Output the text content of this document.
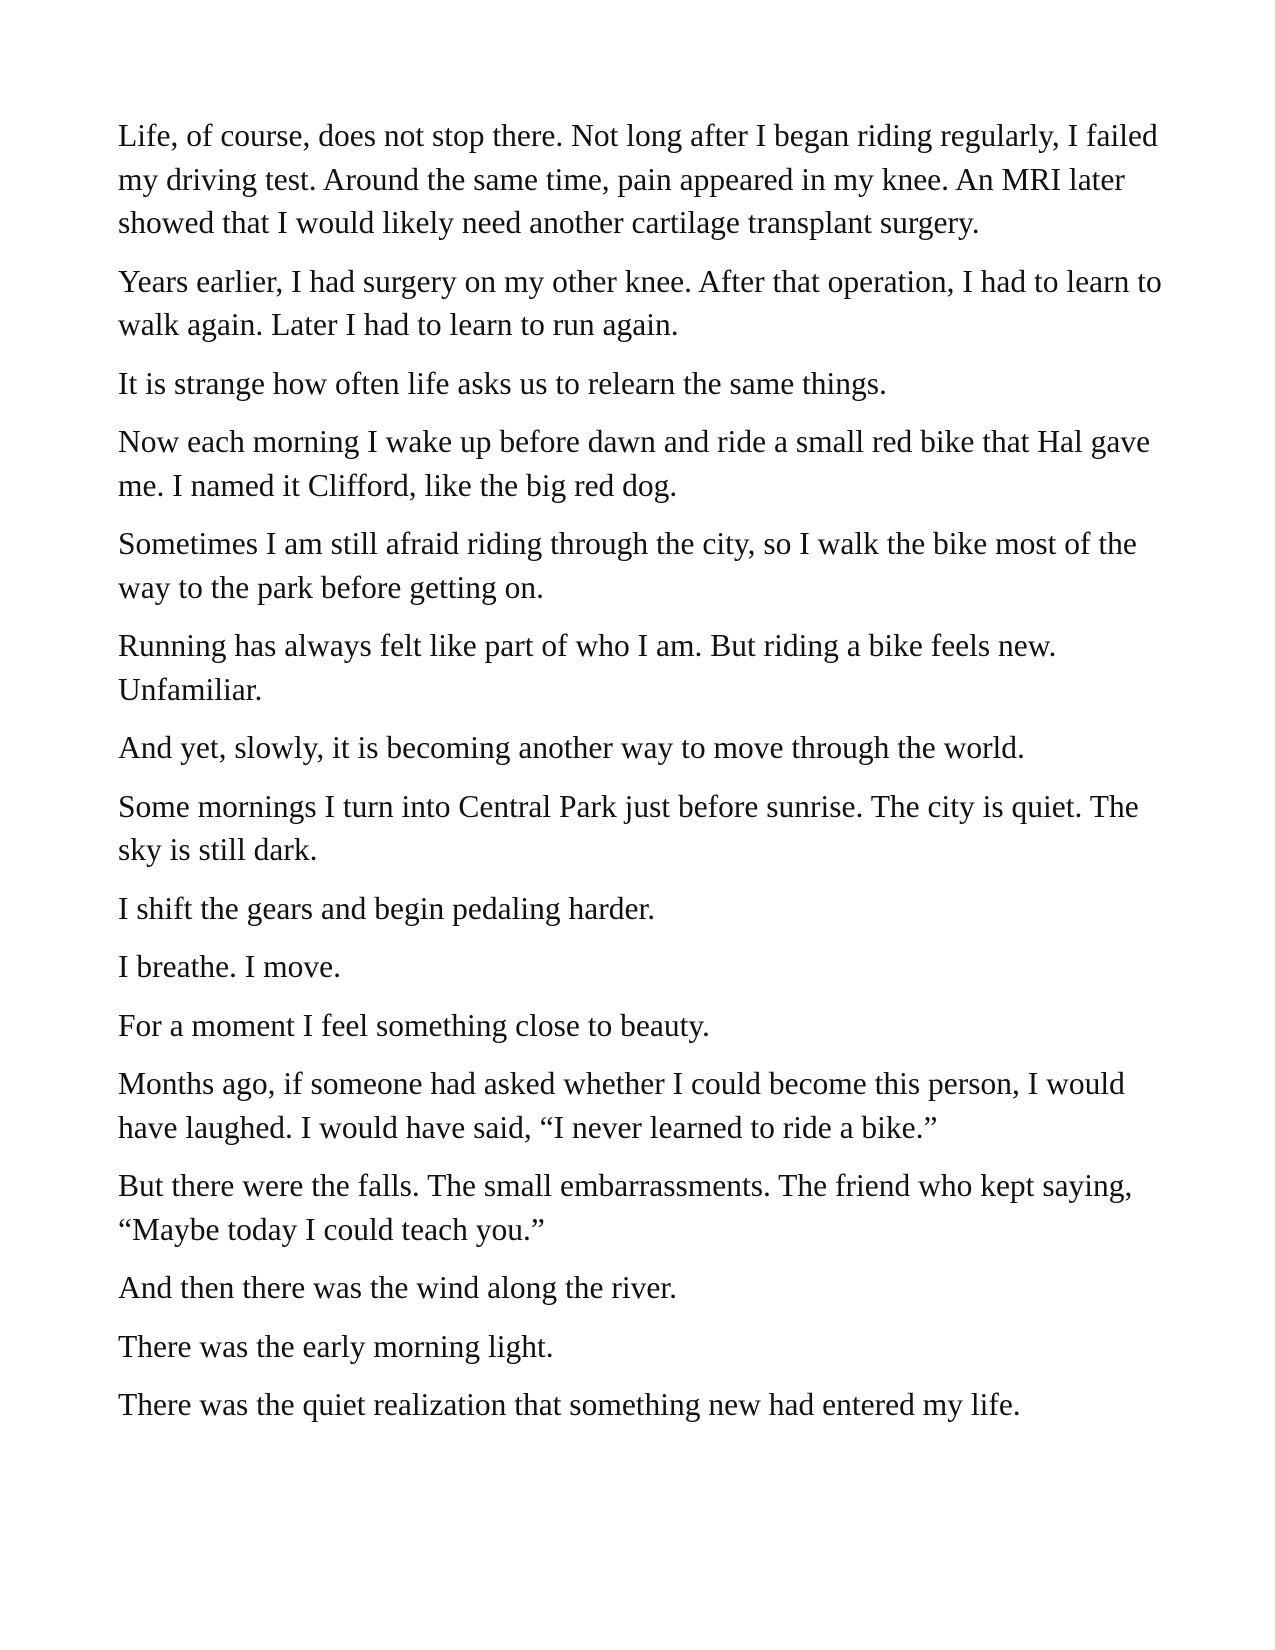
Life, of course, does not stop there. Not long after I began riding regularly, I failed my driving test. Around the same time, pain appeared in my knee. An MRI later showed that I would likely need another cartilage transplant surgery.

Years earlier, I had surgery on my other knee. After that operation, I had to learn to walk again. Later I had to learn to run again.

It is strange how often life asks us to relearn the same things.

Now each morning I wake up before dawn and ride a small red bike that Hal gave me. I named it Clifford, like the big red dog.

Sometimes I am still afraid riding through the city, so I walk the bike most of the way to the park before getting on.

Running has always felt like part of who I am. But riding a bike feels new. Unfamiliar.

And yet, slowly, it is becoming another way to move through the world.

Some mornings I turn into Central Park just before sunrise. The city is quiet. The sky is still dark.

I shift the gears and begin pedaling harder.

I breathe. I move.

For a moment I feel something close to beauty.

Months ago, if someone had asked whether I could become this person, I would have laughed. I would have said, “I never learned to ride a bike.”

But there were the falls. The small embarrassments. The friend who kept saying, “Maybe today I could teach you.”

And then there was the wind along the river.

There was the early morning light.

There was the quiet realization that something new had entered my life.
